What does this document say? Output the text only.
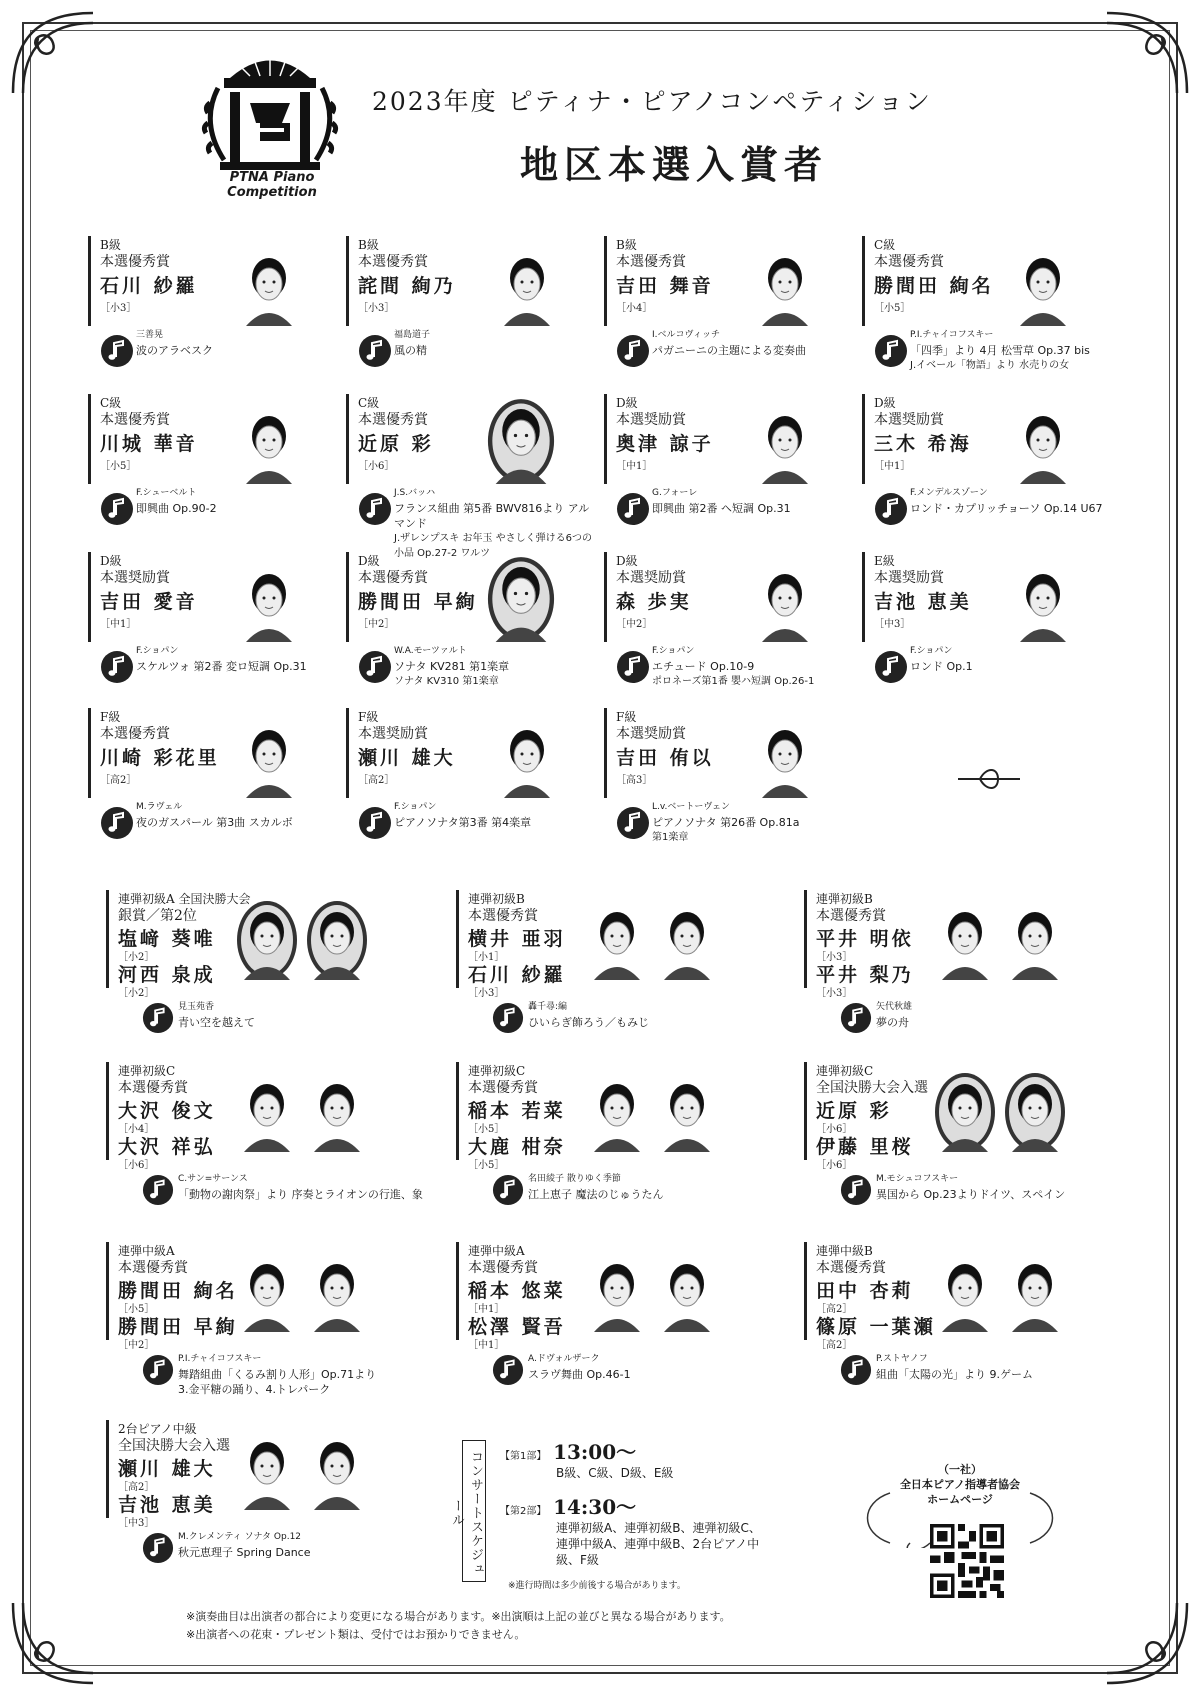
PTNA Piano Competition
2023年度 ピティナ・ピアノコンペティション
地区本選入賞者
B級
本選優秀賞
石川 紗羅
［小3］
三善晃
波のアラベスク
B級
本選優秀賞
詫間 絢乃
［小3］
福島道子
風の精
B級
本選優秀賞
吉田 舞音
［小4］
I.ベルコヴィッチ
パガニーニの主題による変奏曲
C級
本選優秀賞
勝間田 絢名
［小5］
P.I.チャイコフスキー
「四季」より 4月 松雪草 Op.37 bis
J.イベール「物語」より 水売りの女
C級
本選優秀賞
川城 華音
［小5］
F.シューベルト
即興曲 Op.90-2
C級
本選優秀賞
近原 彩
［小6］
J.S.バッハ
フランス組曲 第5番 BWV816より アルマンド
J.ザレンプスキ お年玉 やさしく弾ける6つの小品 Op.27-2 ワルツ
D級
本選奨励賞
奥津 諒子
［中1］
G.フォーレ
即興曲 第2番 ヘ短調 Op.31
D級
本選奨励賞
三木 希海
［中1］
F.メンデルスゾーン
ロンド・カプリッチョーソ Op.14 U67
D級
本選奨励賞
吉田 愛音
［中1］
F.ショパン
スケルツォ 第2番 変ロ短調 Op.31
D級
本選優秀賞
勝間田 早絢
［中2］
W.A.モーツァルト
ソナタ KV281 第1楽章
ソナタ KV310 第1楽章
D級
本選奨励賞
森 歩実
［中2］
F.ショパン
エチュード Op.10-9
ポロネーズ第1番 嬰ハ短調 Op.26-1
E級
本選奨励賞
吉池 恵美
［中3］
F.ショパン
ロンド Op.1
F級
本選優秀賞
川崎 彩花里
［高2］
M.ラヴェル
夜のガスパール 第3曲 スカルボ
F級
本選奨励賞
瀬川 雄大
［高2］
F.ショパン
ピアノソナタ第3番 第4楽章
F級
本選奨励賞
吉田 侑以
［高3］
L.v.ベートーヴェン
ピアノソナタ 第26番 Op.81a
第1楽章
連弾初級A 全国決勝大会
銀賞／第2位
塩﨑 葵唯
［小2］
河西 泉成
［小2］
見玉苑香
青い空を越えて
連弾初級B
本選優秀賞
横井 亜羽
［小1］
石川 紗羅
［小3］
轟千尋:編
ひいらぎ飾ろう／もみじ
連弾初級B
本選優秀賞
平井 明依
［小3］
平井 梨乃
［小3］
矢代秋雄
夢の舟
連弾初級C
本選優秀賞
大沢 俊文
［小4］
大沢 祥弘
［小6］
C.サン=サーンス
「動物の謝肉祭」より 序奏とライオンの行進、象
連弾初級C
本選優秀賞
稲本 若菜
［小5］
大鹿 柑奈
［小5］
名田綾子 散りゆく季節
江上恵子 魔法のじゅうたん
連弾初級C
全国決勝大会入選
近原 彩
［小6］
伊藤 里桜
［小6］
M.モシュコフスキー
異国から Op.23よりドイツ、スペイン
連弾中級A
本選優秀賞
勝間田 絢名
［小5］
勝間田 早絢
［中2］
P.I.チャイコフスキー
舞踏組曲「くるみ割り人形」Op.71より
3.金平糖の踊り、4.トレパーク
連弾中級A
本選優秀賞
稲本 悠菜
［中1］
松澤 賢吾
［中1］
A.ドヴォルザーク
スラヴ舞曲 Op.46-1
連弾中級B
本選優秀賞
田中 杏莉
［高2］
篠原 一葉瀬
［高2］
P.ストヤノフ
組曲「太陽の光」より 9.ゲーム
2台ピアノ中級
全国決勝大会入選
瀬川 雄大
［高2］
吉池 恵美
［中3］
M.クレメンティ ソナタ Op.12
秋元恵理子 Spring Dance	コンサートスケジュール
【第1部】 13:00〜
B級、C級、D級、E級
【第2部】 14:30〜
連弾初級A、連弾初級B、連弾初級C、連弾中級A、連弾中級B、2台ピアノ中級、F級
※進行時間は多少前後する場合があります。
（一社）
全日本ピアノ指導者協会
ホームページ
※演奏曲目は出演者の都合により変更になる場合があります。※出演順は上記の並びと異なる場合があります。
※出演者への花束・プレゼント類は、受付ではお預かりできません。
